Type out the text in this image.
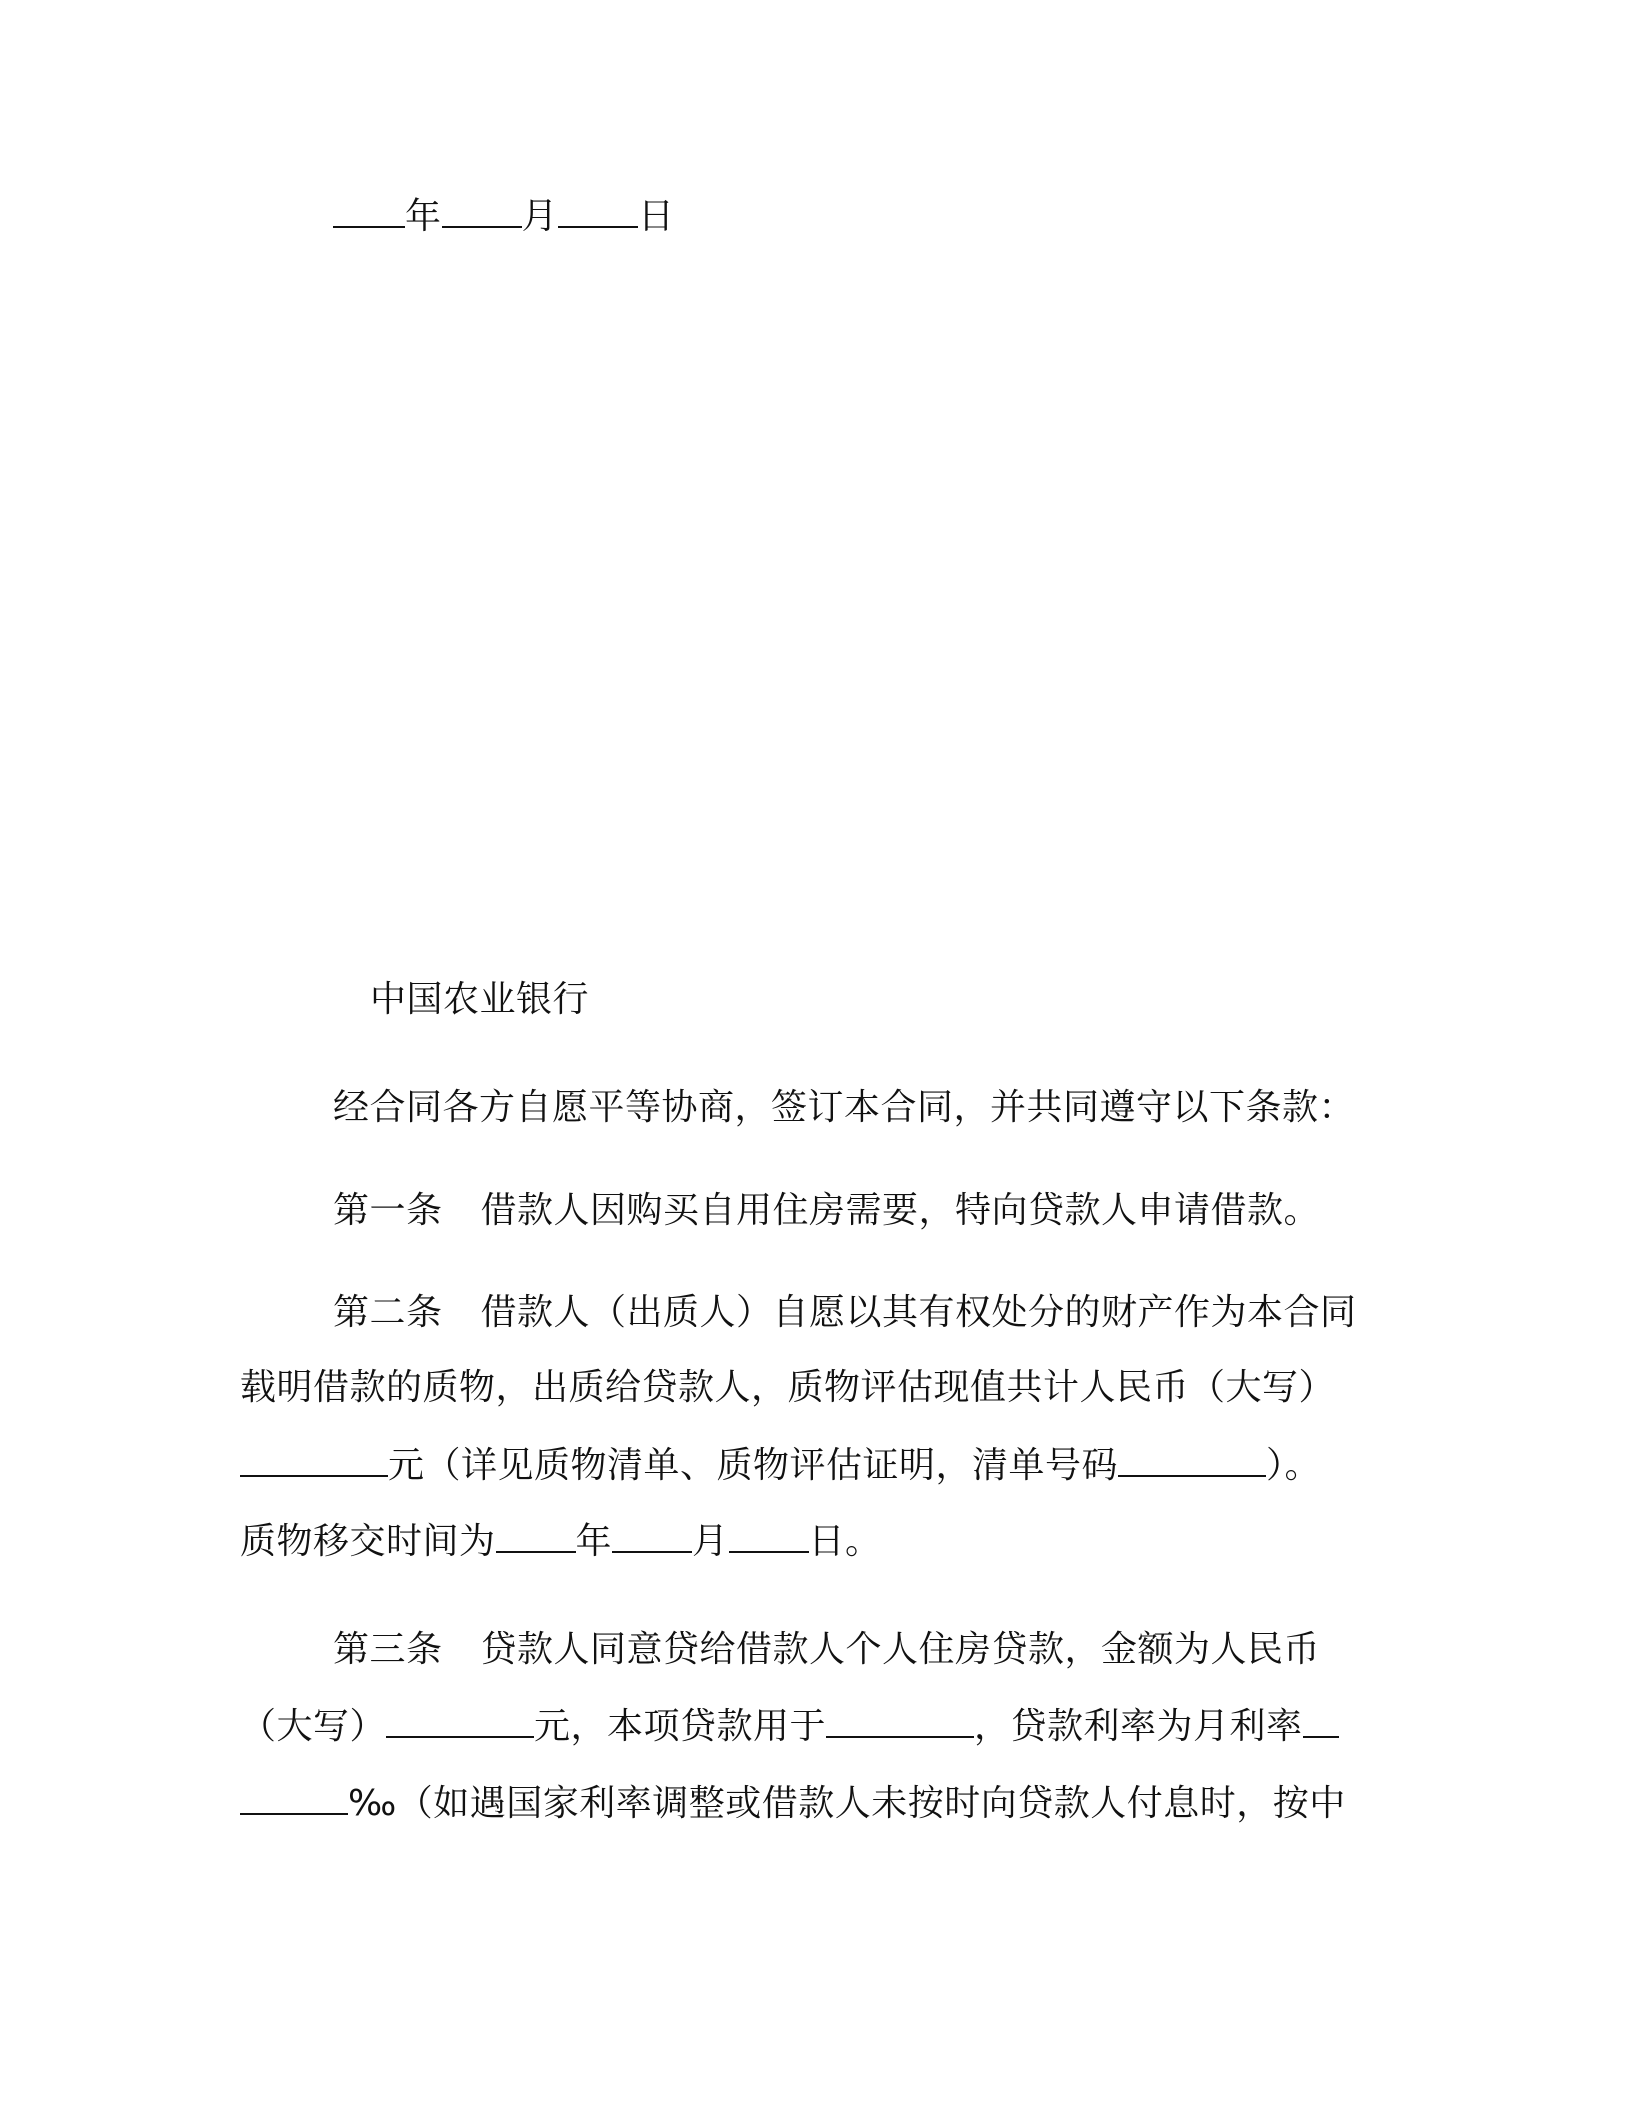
年 月 日
中国农业银行
经合同各方自愿平等协商，签订本合同，并共同遵守以下条款：
第一条 借款人因购买自用住房需要，特向贷款人申请借款。
第二条 借款人（出质人）自愿以其有权处分的财产作为本合同
载明借款的质物，出质给贷款人，质物评估现值共计人民币（大写）
元（详见质物清单、质物评估证明，清单号码	）。
质物移交时间为 年 月 日。
第三条 贷款人同意贷给借款人个人住房贷款，金额为人民币
（大写）	元，本项贷款用于	，贷款利率为月利率
‰（如遇国家利率调整或借款人未按时向贷款人付息时，按中
